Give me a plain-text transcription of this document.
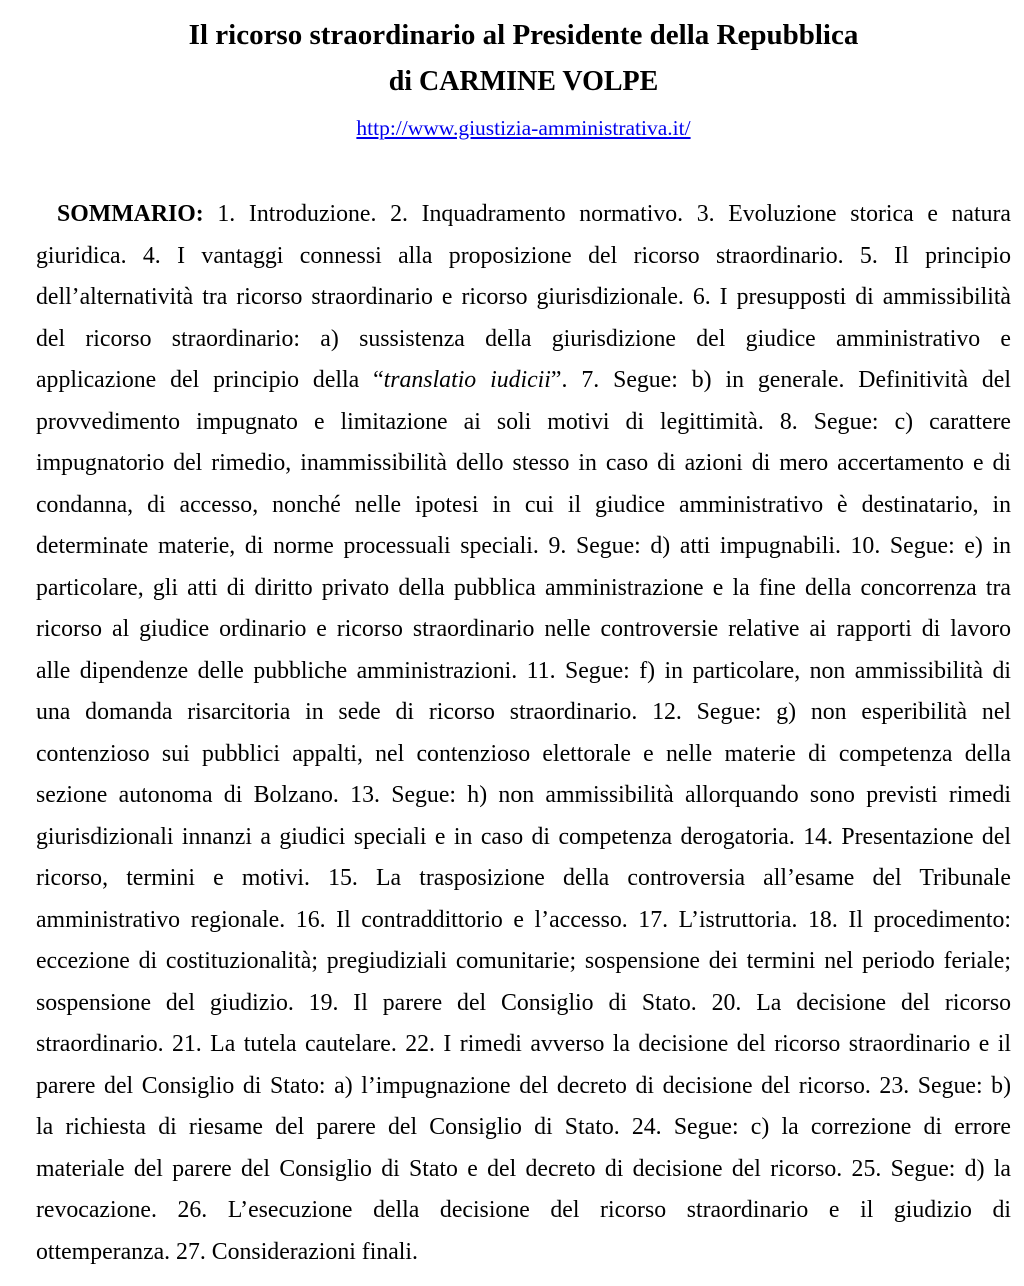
Il ricorso straordinario al Presidente della Repubblica
di CARMINE VOLPE
http://www.giustizia-amministrativa.it/
SOMMARIO: 1. Introduzione. 2. Inquadramento normativo. 3. Evoluzione storica e natura
giuridica. 4. I vantaggi connessi alla proposizione del ricorso straordinario. 5. Il principio
dell’alternatività tra ricorso straordinario e ricorso giurisdizionale. 6. I presupposti di ammissibilità
del ricorso straordinario: a) sussistenza della giurisdizione del giudice amministrativo e
applicazione del principio della “translatio iudicii”. 7. Segue: b) in generale. Definitività del
provvedimento impugnato e limitazione ai soli motivi di legittimità. 8. Segue: c) carattere
impugnatorio del rimedio, inammissibilità dello stesso in caso di azioni di mero accertamento e di
condanna, di accesso, nonché nelle ipotesi in cui il giudice amministrativo è destinatario, in
determinate materie, di norme processuali speciali. 9. Segue: d) atti impugnabili. 10. Segue: e) in
particolare, gli atti di diritto privato della pubblica amministrazione e la fine della concorrenza tra
ricorso al giudice ordinario e ricorso straordinario nelle controversie relative ai rapporti di lavoro
alle dipendenze delle pubbliche amministrazioni. 11. Segue: f) in particolare, non ammissibilità di
una domanda risarcitoria in sede di ricorso straordinario. 12. Segue: g) non esperibilità nel
contenzioso sui pubblici appalti, nel contenzioso elettorale e nelle materie di competenza della
sezione autonoma di Bolzano. 13. Segue: h) non ammissibilità allorquando sono previsti rimedi
giurisdizionali innanzi a giudici speciali e in caso di competenza derogatoria. 14. Presentazione del
ricorso, termini e motivi. 15. La trasposizione della controversia all’esame del Tribunale
amministrativo regionale. 16. Il contraddittorio e l’accesso. 17. L’istruttoria. 18. Il procedimento:
eccezione di costituzionalità; pregiudiziali comunitarie; sospensione dei termini nel periodo feriale;
sospensione del giudizio. 19. Il parere del Consiglio di Stato. 20. La decisione del ricorso
straordinario. 21. La tutela cautelare. 22. I rimedi avverso la decisione del ricorso straordinario e il
parere del Consiglio di Stato: a) l’impugnazione del decreto di decisione del ricorso. 23. Segue: b)
la richiesta di riesame del parere del Consiglio di Stato. 24. Segue: c) la correzione di errore
materiale del parere del Consiglio di Stato e del decreto di decisione del ricorso. 25. Segue: d) la
revocazione. 26. L’esecuzione della decisione del ricorso straordinario e il giudizio di
ottemperanza. 27. Considerazioni finali.
